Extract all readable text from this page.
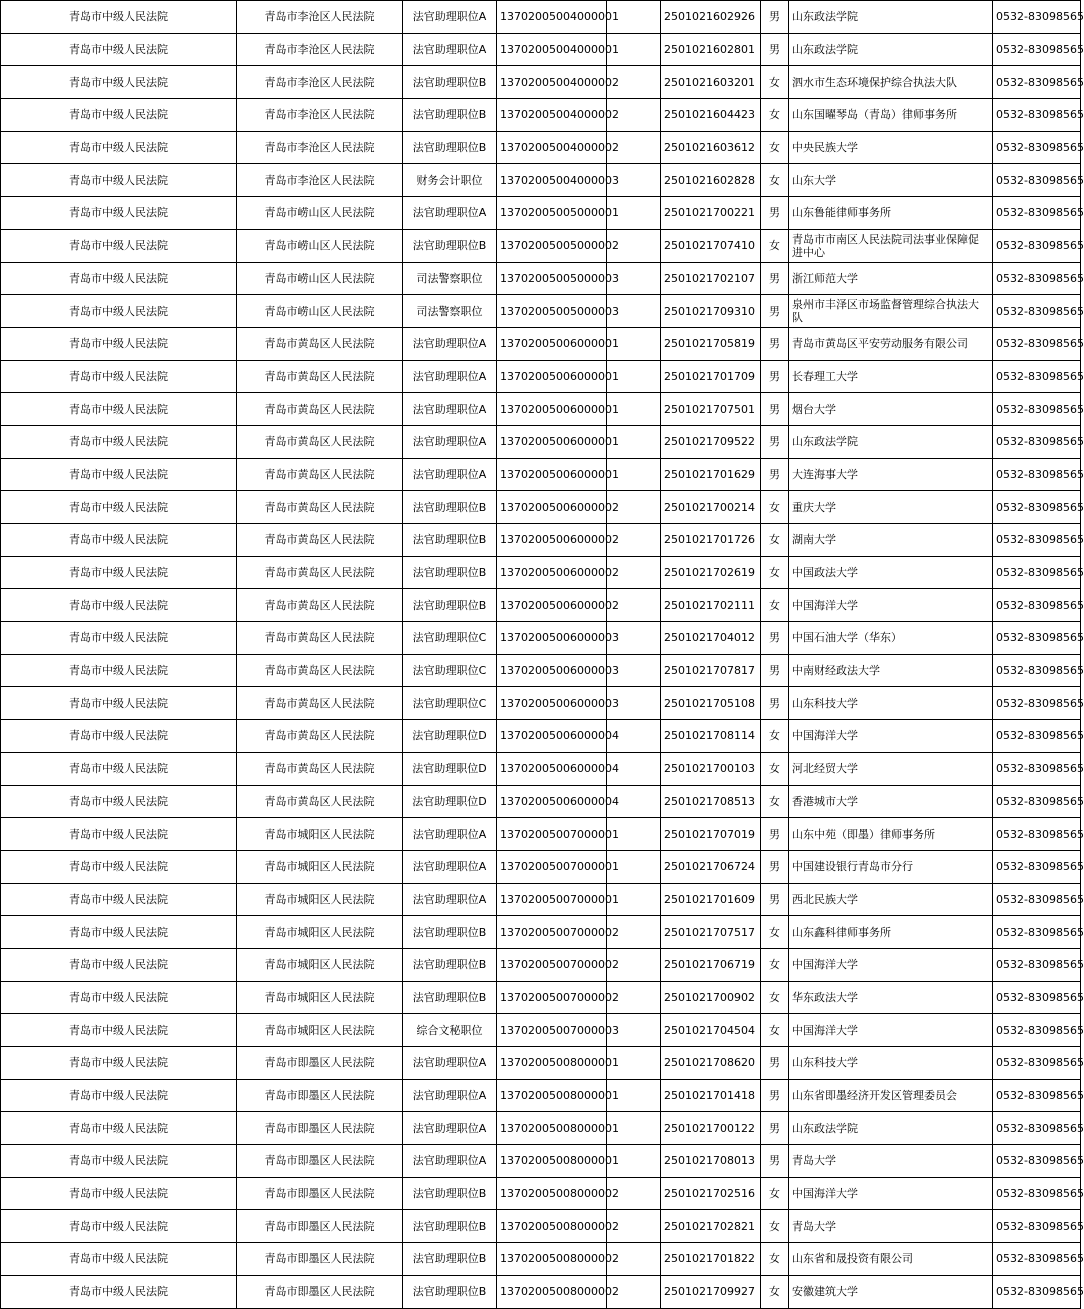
青岛市中级人民法院	青岛市李沧区人民法院	法官助理职位A	13702005004000001		2501021602926	男	山东政法学院	0532-83098565
青岛市中级人民法院	青岛市李沧区人民法院	法官助理职位A	13702005004000001		2501021602801	男	山东政法学院	0532-83098565
青岛市中级人民法院	青岛市李沧区人民法院	法官助理职位B	13702005004000002		2501021603201	女	泗水市生态环境保护综合执法大队	0532-83098565
青岛市中级人民法院	青岛市李沧区人民法院	法官助理职位B	13702005004000002		2501021604423	女	山东国曜琴岛（青岛）律师事务所	0532-83098565
青岛市中级人民法院	青岛市李沧区人民法院	法官助理职位B	13702005004000002		2501021603612	女	中央民族大学	0532-83098565
青岛市中级人民法院	青岛市李沧区人民法院	财务会计职位	13702005004000003		2501021602828	女	山东大学	0532-83098565
青岛市中级人民法院	青岛市崂山区人民法院	法官助理职位A	13702005005000001		2501021700221	男	山东鲁能律师事务所	0532-83098565
青岛市中级人民法院	青岛市崂山区人民法院	法官助理职位B	13702005005000002		2501021707410	女	青岛市市南区人民法院司法事业保障促进中心	0532-83098565
青岛市中级人民法院	青岛市崂山区人民法院	司法警察职位	13702005005000003		2501021702107	男	浙江师范大学	0532-83098565
青岛市中级人民法院	青岛市崂山区人民法院	司法警察职位	13702005005000003		2501021709310	男	泉州市丰泽区市场监督管理综合执法大队	0532-83098565
青岛市中级人民法院	青岛市黄岛区人民法院	法官助理职位A	13702005006000001		2501021705819	男	青岛市黄岛区平安劳动服务有限公司	0532-83098565
青岛市中级人民法院	青岛市黄岛区人民法院	法官助理职位A	13702005006000001		2501021701709	男	长春理工大学	0532-83098565
青岛市中级人民法院	青岛市黄岛区人民法院	法官助理职位A	13702005006000001		2501021707501	男	烟台大学	0532-83098565
青岛市中级人民法院	青岛市黄岛区人民法院	法官助理职位A	13702005006000001		2501021709522	男	山东政法学院	0532-83098565
青岛市中级人民法院	青岛市黄岛区人民法院	法官助理职位A	13702005006000001		2501021701629	男	大连海事大学	0532-83098565
青岛市中级人民法院	青岛市黄岛区人民法院	法官助理职位B	13702005006000002		2501021700214	女	重庆大学	0532-83098565
青岛市中级人民法院	青岛市黄岛区人民法院	法官助理职位B	13702005006000002		2501021701726	女	湖南大学	0532-83098565
青岛市中级人民法院	青岛市黄岛区人民法院	法官助理职位B	13702005006000002		2501021702619	女	中国政法大学	0532-83098565
青岛市中级人民法院	青岛市黄岛区人民法院	法官助理职位B	13702005006000002		2501021702111	女	中国海洋大学	0532-83098565
青岛市中级人民法院	青岛市黄岛区人民法院	法官助理职位C	13702005006000003		2501021704012	男	中国石油大学（华东）	0532-83098565
青岛市中级人民法院	青岛市黄岛区人民法院	法官助理职位C	13702005006000003		2501021707817	男	中南财经政法大学	0532-83098565
青岛市中级人民法院	青岛市黄岛区人民法院	法官助理职位C	13702005006000003		2501021705108	男	山东科技大学	0532-83098565
青岛市中级人民法院	青岛市黄岛区人民法院	法官助理职位D	13702005006000004		2501021708114	女	中国海洋大学	0532-83098565
青岛市中级人民法院	青岛市黄岛区人民法院	法官助理职位D	13702005006000004		2501021700103	女	河北经贸大学	0532-83098565
青岛市中级人民法院	青岛市黄岛区人民法院	法官助理职位D	13702005006000004		2501021708513	女	香港城市大学	0532-83098565
青岛市中级人民法院	青岛市城阳区人民法院	法官助理职位A	13702005007000001		2501021707019	男	山东中苑（即墨）律师事务所	0532-83098565
青岛市中级人民法院	青岛市城阳区人民法院	法官助理职位A	13702005007000001		2501021706724	男	中国建设银行青岛市分行	0532-83098565
青岛市中级人民法院	青岛市城阳区人民法院	法官助理职位A	13702005007000001		2501021701609	男	西北民族大学	0532-83098565
青岛市中级人民法院	青岛市城阳区人民法院	法官助理职位B	13702005007000002		2501021707517	女	山东鑫科律师事务所	0532-83098565
青岛市中级人民法院	青岛市城阳区人民法院	法官助理职位B	13702005007000002		2501021706719	女	中国海洋大学	0532-83098565
青岛市中级人民法院	青岛市城阳区人民法院	法官助理职位B	13702005007000002		2501021700902	女	华东政法大学	0532-83098565
青岛市中级人民法院	青岛市城阳区人民法院	综合文秘职位	13702005007000003		2501021704504	女	中国海洋大学	0532-83098565
青岛市中级人民法院	青岛市即墨区人民法院	法官助理职位A	13702005008000001		2501021708620	男	山东科技大学	0532-83098565
青岛市中级人民法院	青岛市即墨区人民法院	法官助理职位A	13702005008000001		2501021701418	男	山东省即墨经济开发区管理委员会	0532-83098565
青岛市中级人民法院	青岛市即墨区人民法院	法官助理职位A	13702005008000001		2501021700122	男	山东政法学院	0532-83098565
青岛市中级人民法院	青岛市即墨区人民法院	法官助理职位A	13702005008000001		2501021708013	男	青岛大学	0532-83098565
青岛市中级人民法院	青岛市即墨区人民法院	法官助理职位B	13702005008000002		2501021702516	女	中国海洋大学	0532-83098565
青岛市中级人民法院	青岛市即墨区人民法院	法官助理职位B	13702005008000002		2501021702821	女	青岛大学	0532-83098565
青岛市中级人民法院	青岛市即墨区人民法院	法官助理职位B	13702005008000002		2501021701822	女	山东省和晟投资有限公司	0532-83098565
青岛市中级人民法院	青岛市即墨区人民法院	法官助理职位B	13702005008000002		2501021709927	女	安徽建筑大学	0532-83098565
